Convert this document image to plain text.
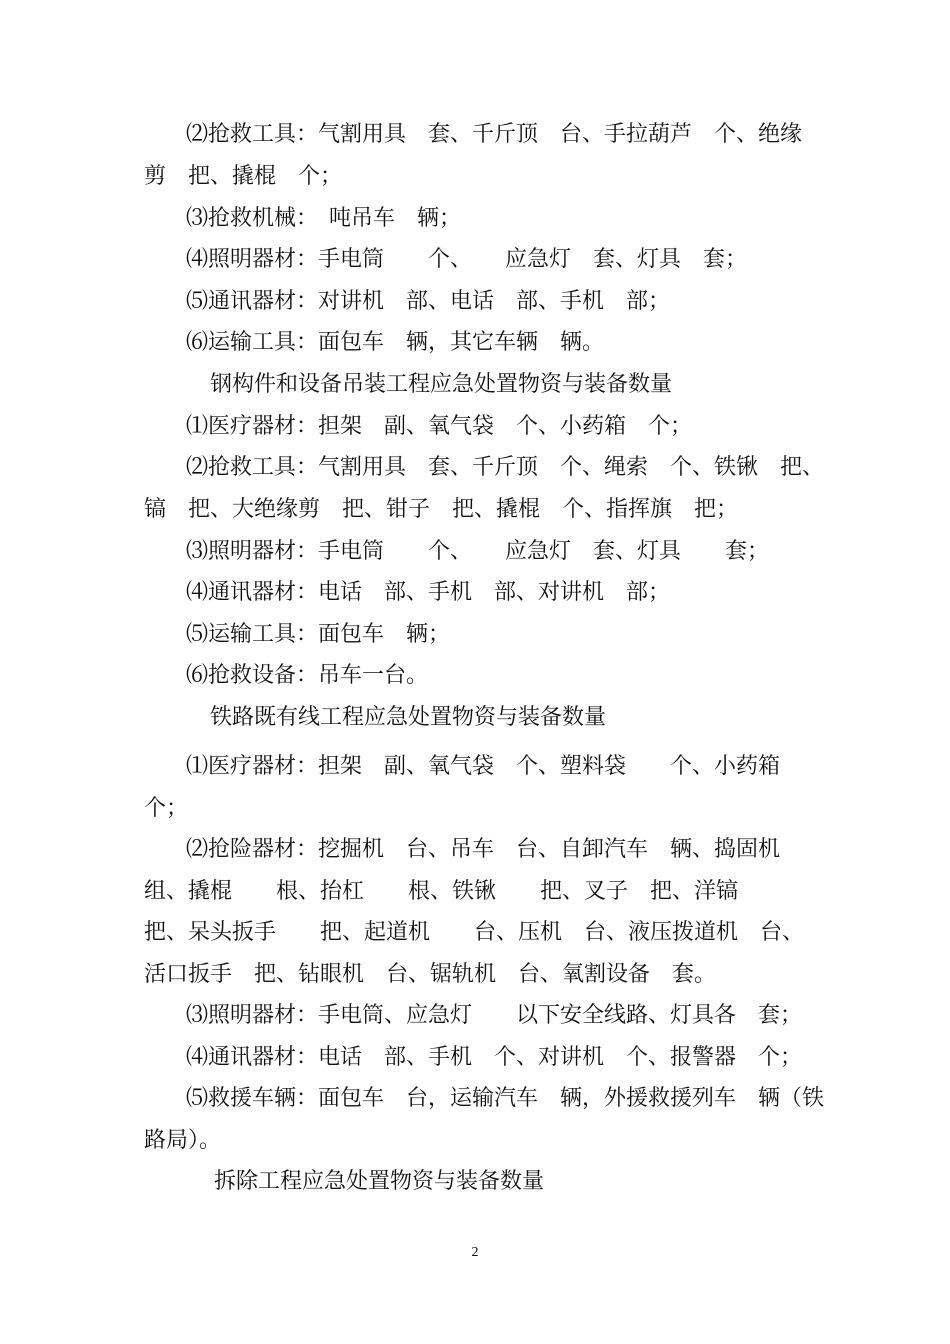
⑵抢救工具：气割用具　套、千斤顶　台、手拉葫芦　个、绝缘
剪　把、撬棍　个；
⑶抢救机械：　吨吊车　辆；
⑷照明器材：手电筒　　个、　　应急灯　套、灯具　套；
⑸通讯器材：对讲机　部、电话　部、手机　部；
⑹运输工具：面包车　辆，其它车辆　辆。
钢构件和设备吊装工程应急处置物资与装备数量
⑴医疗器材：担架　副、氧气袋　个、小药箱　个；
⑵抢救工具：气割用具　套、千斤顶　个、绳索　个、铁锹　把、
镐　把、大绝缘剪　把、钳子　把、撬棍　个、指挥旗　把；
⑶照明器材：手电筒　　个、　　应急灯　套、灯具　　套；
⑷通讯器材：电话　部、手机　部、对讲机　部；
⑸运输工具：面包车　辆；
⑹抢救设备：吊车一台。
铁路既有线工程应急处置物资与装备数量
⑴医疗器材：担架　副、氧气袋　个、塑料袋　　个、小药箱
个；
⑵抢险器材：挖掘机　台、吊车　台、自卸汽车　辆、捣固机
组、撬棍　　根、抬杠　　根、铁锹　　把、叉子　把、洋镐
把、呆头扳手　　把、起道机　　台、压机　台、液压拨道机　台、
活口扳手　把、钻眼机　台、锯轨机　台、氧割设备　套。
⑶照明器材：手电筒、应急灯　　以下安全线路、灯具各　套；
⑷通讯器材：电话　部、手机　个、对讲机　个、报警器　个；
⑸救援车辆：面包车　台，运输汽车　辆，外援救援列车　辆（铁
路局）。
拆除工程应急处置物资与装备数量
2
